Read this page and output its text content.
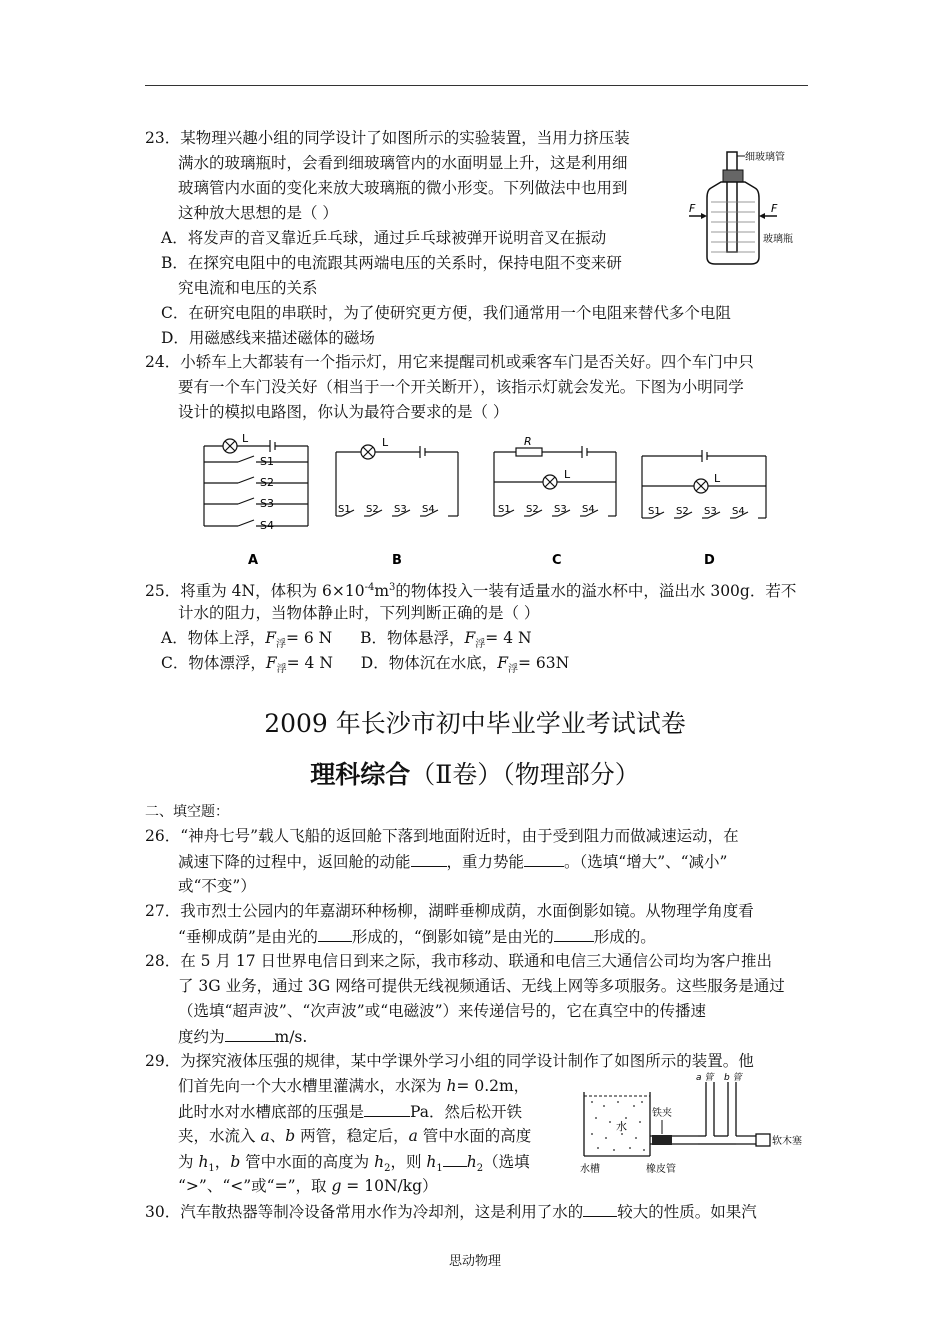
23．某物理兴趣小组的同学设计了如图所示的实验装置，当用力挤压装
满水的玻璃瓶时，会看到细玻璃管内的水面明显上升，这是利用细
玻璃管内水面的变化来放大玻璃瓶的微小形变。下列做法中也用到
这种放大思想的是（ ）
A．将发声的音叉靠近乒乓球，通过乒乓球被弹开说明音叉在振动
B．在探究电阻中的电流跟其两端电压的关系时，保持电阻不变来研
究电流和电压的关系
C．在研究电阻的串联时，为了使研究更方便，我们通常用一个电阻来替代多个电阻
D．用磁感线来描述磁体的磁场
细玻璃管
F	F
玻璃瓶
24．小轿车上大都装有一个指示灯，用它来提醒司机或乘客车门是否关好。四个车门中只
要有一个车门没关好（相当于一个开关断开），该指示灯就会发光。下图为小明同学
设计的模拟电路图，你认为最符合要求的是（ ）
L
S1
S2
S3
S4
A
L
S1 S2 S3 S4
B
R
L
S1 S2 S3 S4
C
L
S1 S2 S3 S4
D
25．将重为 4N，体积为 $6\times 10^{-4}m^3$的物体投入一装有适量水的溢水杯中，溢出水 300g．若不
计水的阻力，当物体静止时，下列判断正确的是（ ）
A．物体上浮，$F_浮= 6$ N B．物体悬浮，$F_浮= 4$ N
C．物体漂浮，$F_浮= 4$ N D．物体沉在水底，$F_浮= 63N$
2009 年长沙市初中毕业学业考试试卷
理科综合（Ⅱ卷）（物理部分）
二、填空题：
26．“神舟七号”载人飞船的返回舱下落到地面附近时，由于受到阻力而做减速运动，在
减速下降的过程中，返回舱的动能 ，重力势能	。（选填“增大”、“减小”
或“不变”）
27．我市烈士公园内的年嘉湖环种杨柳，湖畔垂柳成荫，水面倒影如镜。从物理学角度看
“垂柳成荫”是由光的 形成的，“倒影如镜”是由光的	形成的。
28．在 5 月 17 日世界电信日到来之际，我市移动、联通和电信三大通信公司均为客户推出
了 3G 业务，通过 3G 网络可提供无线视频通话、无线上网等多项服务。这些服务是通过
（选填“超声波”、“次声波”或“电磁波”）来传递信号的，它在真空中的传播速
度约为	m/s.
29．为探究液体压强的规律，某中学课外学习小组的同学设计制作了如图所示的装置。他
们首先向一个大水槽里灌满水，水深为 h= 0.2m，
此时水对水槽底部的压强是	Pa．然后松开铁
夹，水流入 a、b 两管，稳定后，a 管中水面的高度
为 $h_1$，b 管中水面的高度为 $h_2$，则 $h_1$ $h_2$（选填
“>”、“<”或“=”，取 g = 10N/kg）
水
铁夹
水槽	橡皮管
软木塞
a 管 b 管
30．汽车散热器等制冷设备常用水作为冷却剂，这是利用了水的 较大的性质。如果汽
思动物理
